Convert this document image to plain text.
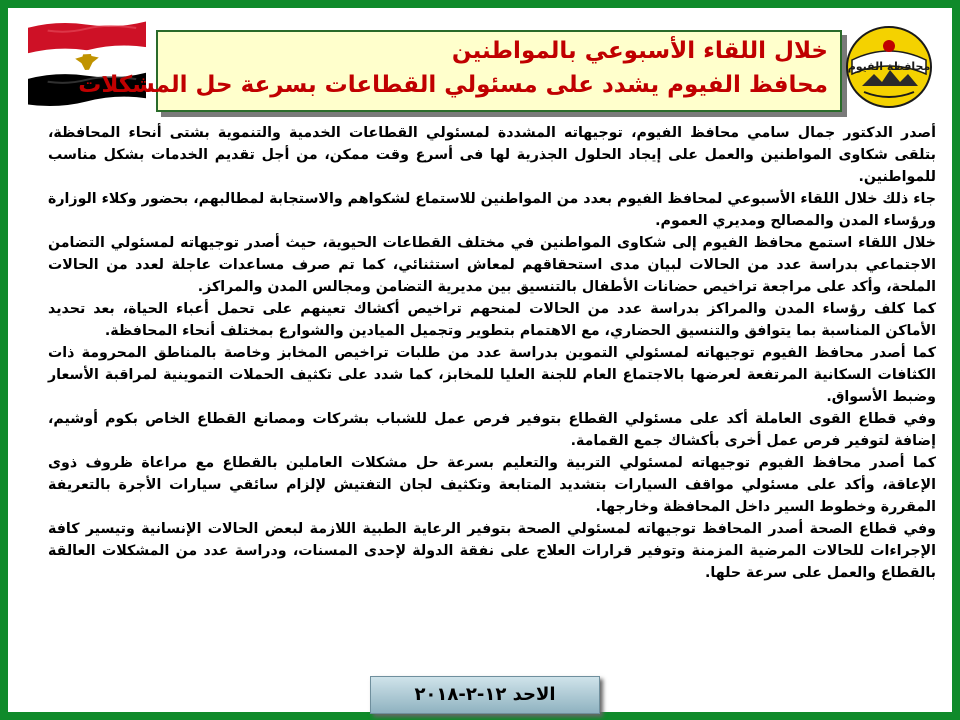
خلال اللقاء الأسبوعي بالمواطنين
محافظ الفيوم يشدد على مسئولي القطاعات بسرعة حل المشكلات
محافظة الفيوم

أصدر الدكتور جمال سامي محافظ الفيوم، توجيهاته المشددة لمسئولي القطاعات الخدمية والتنموية بشتى أنحاء المحافظة، بتلقى شكاوى المواطنين والعمل على إيجاد الحلول الجذرية لها فى أسرع وقت ممكن، من أجل تقديم الخدمات بشكل مناسب للمواطنين.

جاء ذلك خلال اللقاء الأسبوعي لمحافظ الفيوم بعدد من المواطنين للاستماع لشكواهم والاستجابة لمطالبهم، بحضور وكلاء الوزارة ورؤساء المدن والمصالح ومديري العموم.

خلال اللقاء استمع محافظ الفيوم إلى شكاوى المواطنين في مختلف القطاعات الحيوية، حيث أصدر توجيهاته لمسئولي التضامن الاجتماعي بدراسة عدد من الحالات لبيان مدى استحقاقهم لمعاش استثنائي، كما تم صرف مساعدات عاجلة لعدد من الحالات الملحة، وأكد على مراجعة تراخيص حضانات الأطفال بالتنسيق بين مديرية التضامن ومجالس المدن والمراكز.

كما كلف رؤساء المدن والمراكز بدراسة عدد من الحالات لمنحهم تراخيص أكشاك تعينهم على تحمل أعباء الحياة، بعد تحديد الأماكن المناسبة بما يتوافق والتنسيق الحضاري، مع الاهتمام بتطوير وتجميل الميادين والشوارع بمختلف أنحاء المحافظة.

كما أصدر محافظ الفيوم توجيهاته لمسئولي التموين بدراسة عدد من طلبات تراخيص المخابز وخاصة بالمناطق المحرومة ذات الكثافات السكانية المرتفعة لعرضها بالاجتماع العام للجنة العليا للمخابز، كما شدد على تكثيف الحملات التموينية لمراقبة الأسعار وضبط الأسواق.

وفي قطاع القوى العاملة أكد على مسئولي القطاع بتوفير فرص عمل للشباب بشركات ومصانع القطاع الخاص بكوم أوشيم، إضافة لتوفير فرص عمل أخرى بأكشاك جمع القمامة.

كما أصدر محافظ الفيوم توجيهاته لمسئولي التربية والتعليم بسرعة حل مشكلات العاملين بالقطاع مع مراعاة ظروف ذوى الإعاقة، وأكد على مسئولي مواقف السيارات بتشديد المتابعة وتكثيف لجان التفتيش لإلزام سائقي سيارات الأجرة بالتعريفة المقررة وخطوط السير داخل المحافظة وخارجها.

وفي قطاع الصحة أصدر المحافظ توجيهاته لمسئولي الصحة بتوفير الرعاية الطبية اللازمة لبعض الحالات الإنسانية وتيسير كافة الإجراءات للحالات المرضية المزمنة وتوفير قرارات العلاج على نفقة الدولة لإحدى المسنات، ودراسة عدد من المشكلات العالقة بالقطاع والعمل على سرعة حلها.

الاحد ١٢-٢-٢٠١٨
